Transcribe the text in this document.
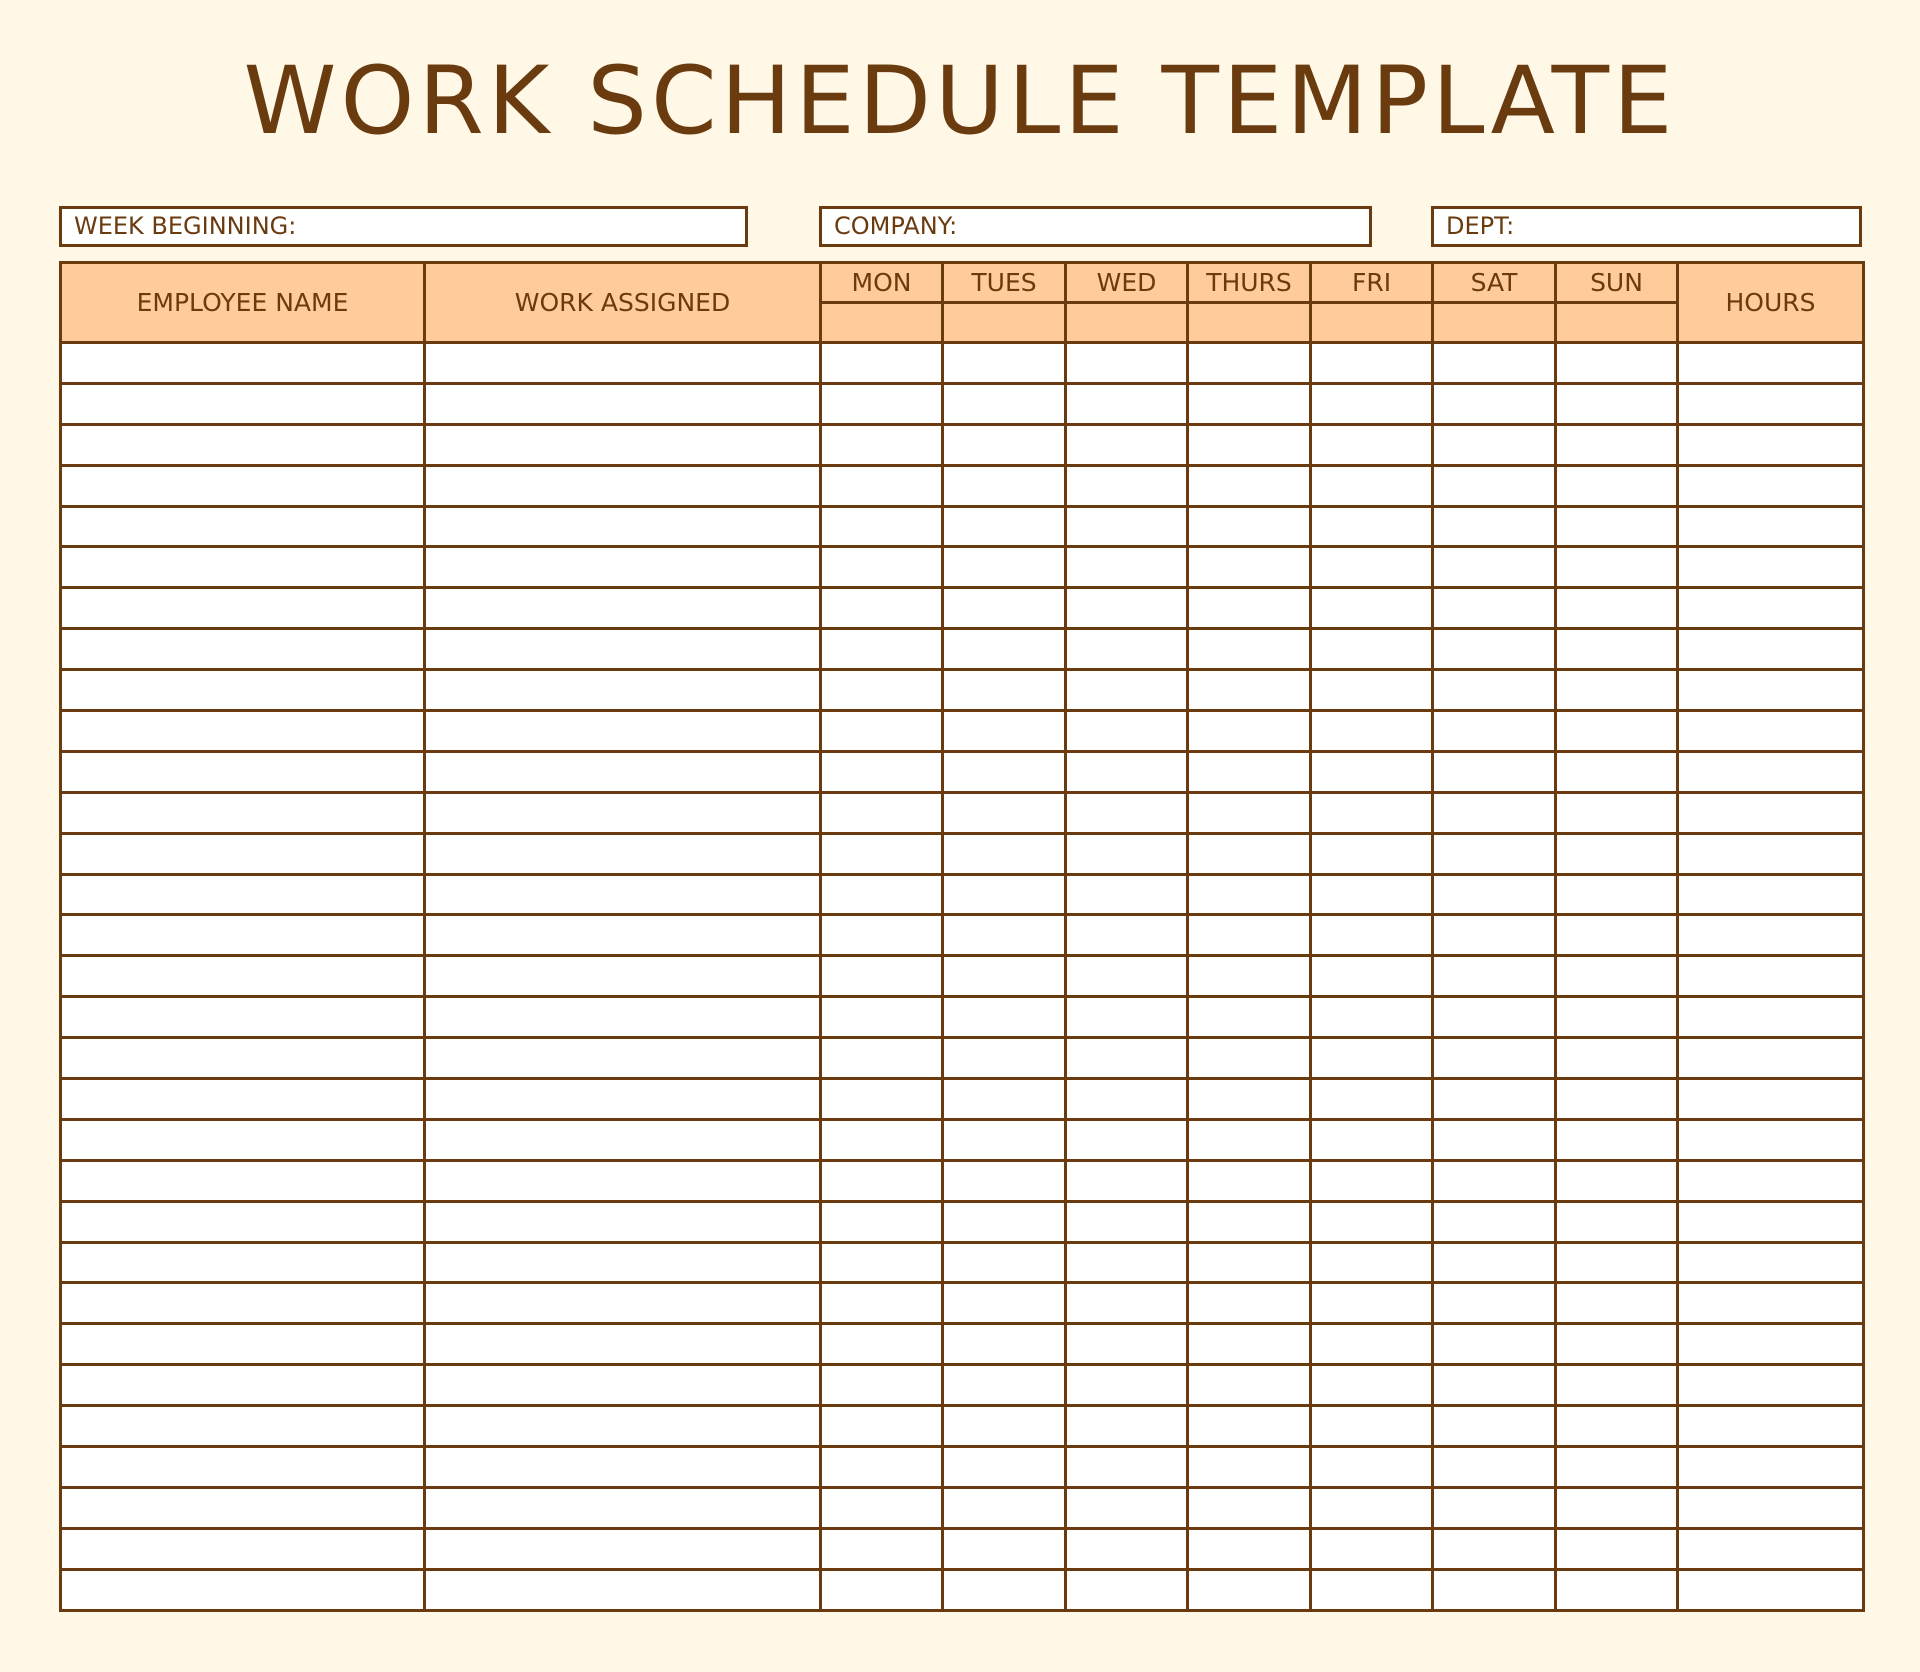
WORK SCHEDULE TEMPLATE
WEEK BEGINNING:	COMPANY:	DEPT:
EMPLOYEE NAME	WORK ASSIGNED	MON	TUES	WED	THURS	FRI	SAT	SUN	HOURS
